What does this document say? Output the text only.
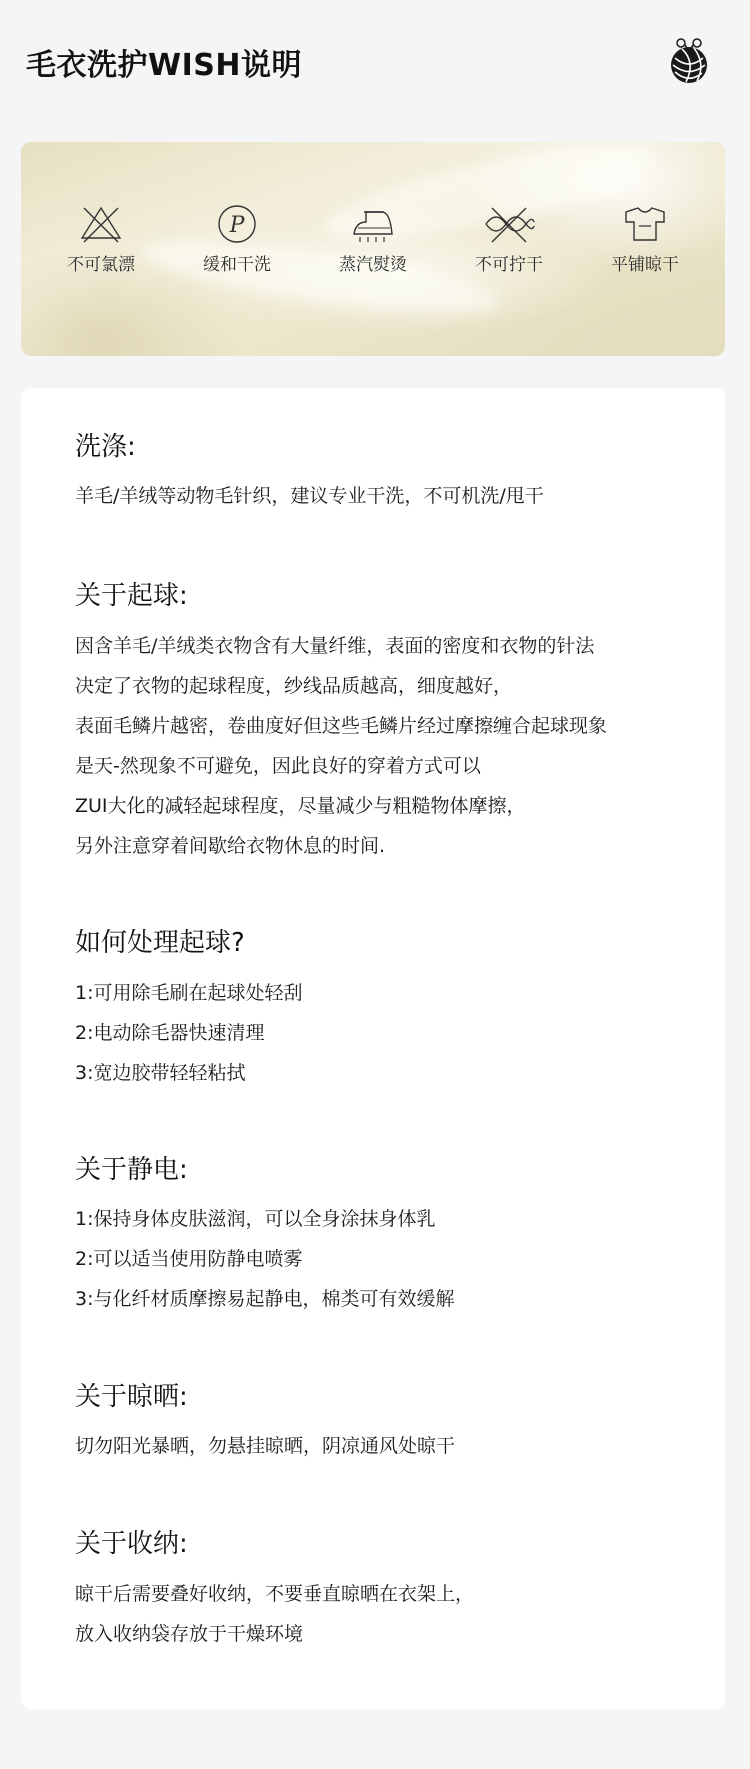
毛衣洗护WISH说明
不可氯漂
P
缓和干洗	蒸汽熨烫	不可拧干	平铺晾干
洗涤:
羊毛/羊绒等动物毛针织，建议专业干洗，不可机洗/甩干
关于起球:
因含羊毛/羊绒类衣物含有大量纤维，表面的密度和衣物的针法
决定了衣物的起球程度，纱线品质越高，细度越好，
表面毛鳞片越密，卷曲度好但这些毛鳞片经过摩擦缠合起球现象
是天-然现象不可避免，因此良好的穿着方式可以
ZUI大化的减轻起球程度，尽量减少与粗糙物体摩擦，
另外注意穿着间歇给衣物休息的时间.
如何处理起球?
1:可用除毛刷在起球处轻刮
2:电动除毛器快速清理
3:宽边胶带轻轻粘拭
关于静电:
1:保持身体皮肤滋润，可以全身涂抹身体乳
2:可以适当使用防静电喷雾
3:与化纤材质摩擦易起静电，棉类可有效缓解
关于晾晒:
切勿阳光暴晒，勿悬挂晾晒，阴凉通风处晾干
关于收纳:
晾干后需要叠好收纳，不要垂直晾晒在衣架上，
放入收纳袋存放于干燥环境
